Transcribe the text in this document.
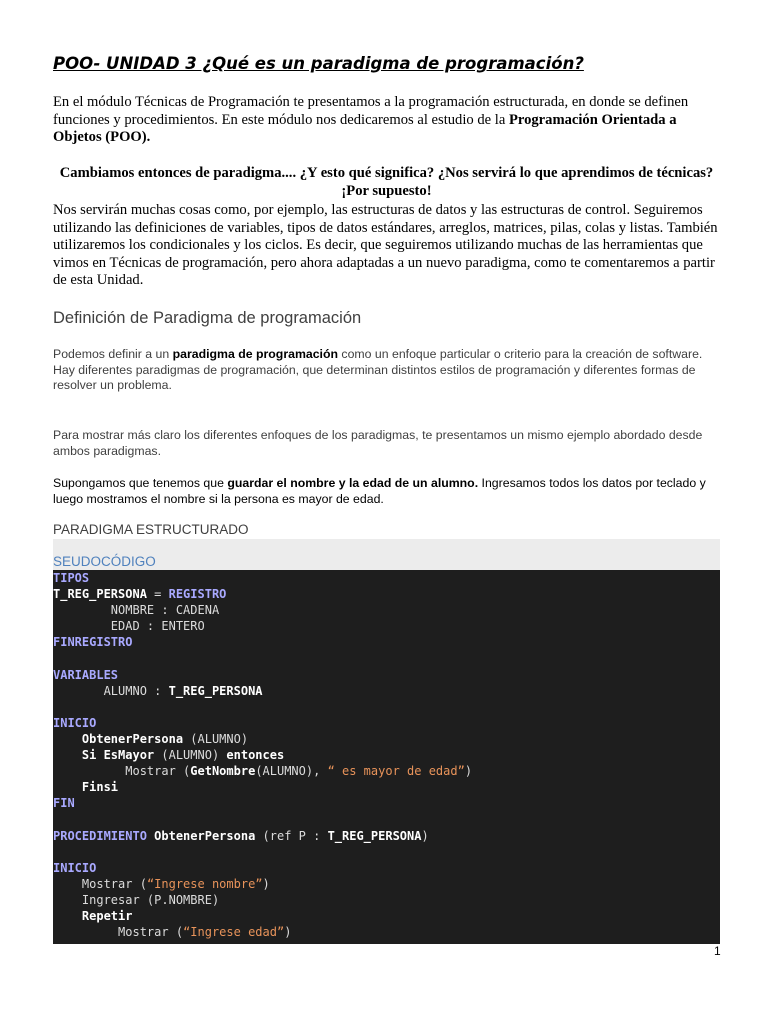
POO- UNIDAD 3 ¿Qué es un paradigma de programación?
En el módulo Técnicas de Programación te presentamos a la programación estructurada, en donde se definen funciones y procedimientos. En este módulo nos dedicaremos al estudio de la Programación Orientada a Objetos (POO).
Cambiamos entonces de paradigma.... ¿Y esto qué significa? ¿Nos servirá lo que aprendimos de técnicas? ¡Por supuesto!
Nos servirán muchas cosas como, por ejemplo, las estructuras de datos y las estructuras de control. Seguiremos utilizando las definiciones de variables, tipos de datos estándares, arreglos, matrices, pilas, colas y listas. También utilizaremos los condicionales y los ciclos. Es decir, que seguiremos utilizando muchas de las herramientas que vimos en Técnicas de programación, pero ahora adaptadas a un nuevo paradigma, como te comentaremos a partir de esta Unidad.
Definición de Paradigma de programación
Podemos definir a un paradigma de programación como un enfoque particular o criterio para la creación de software.
Hay diferentes paradigmas de programación, que determinan distintos estilos de programación y diferentes formas de resolver un problema.
Para mostrar más claro los diferentes enfoques de los paradigmas, te presentamos un mismo ejemplo abordado desde ambos paradigmas.
Supongamos que tenemos que guardar el nombre y la edad de un alumno. Ingresamos todos los datos por teclado y luego mostramos el nombre si la persona es mayor de edad.
PARADIGMA ESTRUCTURADO
SEUDOCÓDIGO
TIPOS
T_REG_PERSONA = REGISTRO
NOMBRE : CADENA
EDAD : ENTERO
FINREGISTRO

VARIABLES
ALUMNO : T_REG_PERSONA

INICIO
ObtenerPersona (ALUMNO)
Si EsMayor (ALUMNO) entonces
Mostrar (GetNombre(ALUMNO), “ es mayor de edad”)
Finsi
FIN

PROCEDIMIENTO ObtenerPersona (ref P : T_REG_PERSONA)

INICIO
Mostrar (“Ingrese nombre”)
Ingresar (P.NOMBRE)
Repetir
Mostrar (“Ingrese edad”)
1
